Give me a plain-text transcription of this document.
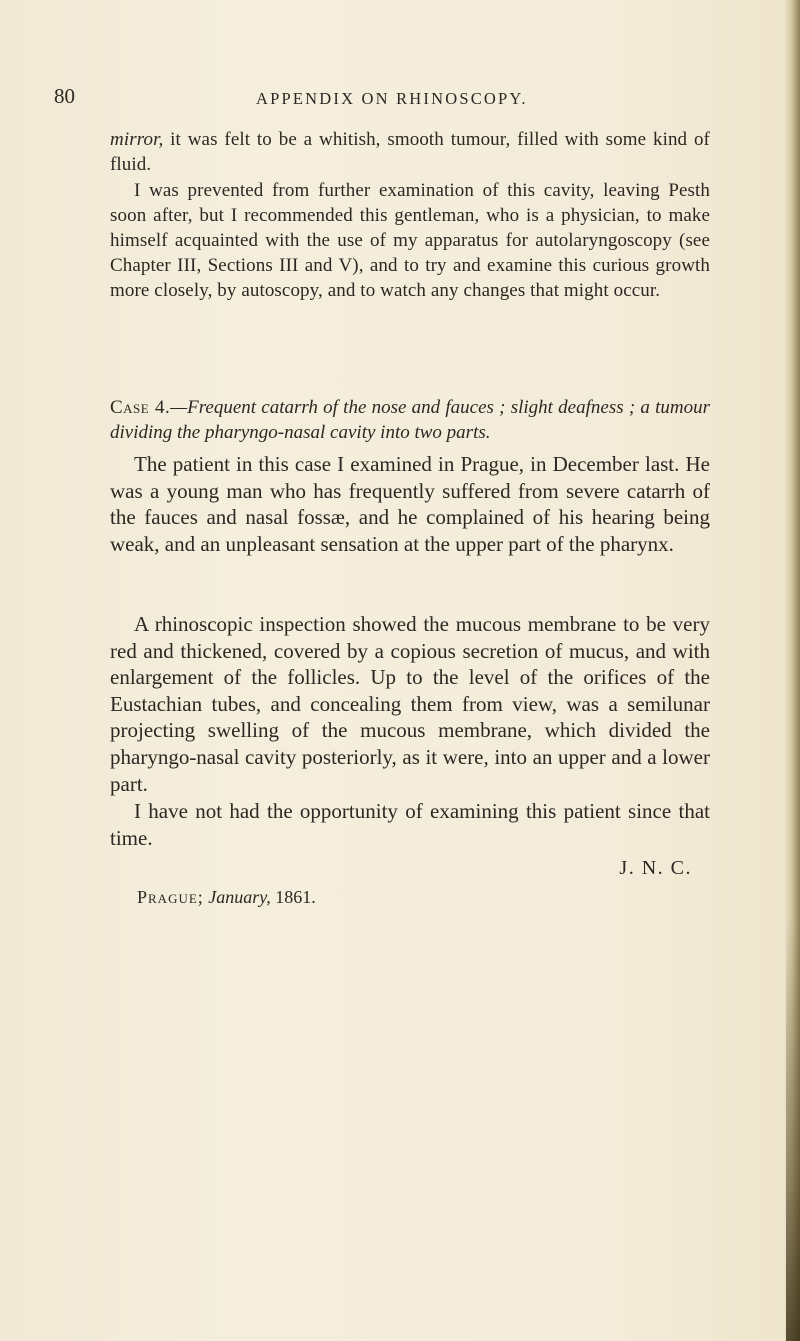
80	APPENDIX ON RHINOSCOPY.
mirror, it was felt to be a whitish, smooth tumour, filled with some kind of fluid.
I was prevented from further examination of this cavity, leaving Pesth soon after, but I recommended this gentleman, who is a physician, to make himself acquainted with the use of my apparatus for autolaryngoscopy (see Chapter III, Sections III and V), and to try and examine this curious growth more closely, by autoscopy, and to watch any changes that might occur.
Case 4.—Frequent catarrh of the nose and fauces ; slight deafness ; a tumour dividing the pharyngo-nasal cavity into two parts.
The patient in this case I examined in Prague, in December last. He was a young man who has frequently suffered from severe catarrh of the fauces and nasal fossæ, and he complained of his hearing being weak, and an unpleasant sensation at the upper part of the pharynx.
A rhinoscopic inspection showed the mucous membrane to be very red and thickened, covered by a copious secretion of mucus, and with enlargement of the follicles. Up to the level of the orifices of the Eustachian tubes, and concealing them from view, was a semilunar projecting swelling of the mucous membrane, which divided the pharyngo-nasal cavity posteriorly, as it were, into an upper and a lower part.
I have not had the opportunity of examining this patient since that time.
J. N. C.
Prague; January, 1861.
